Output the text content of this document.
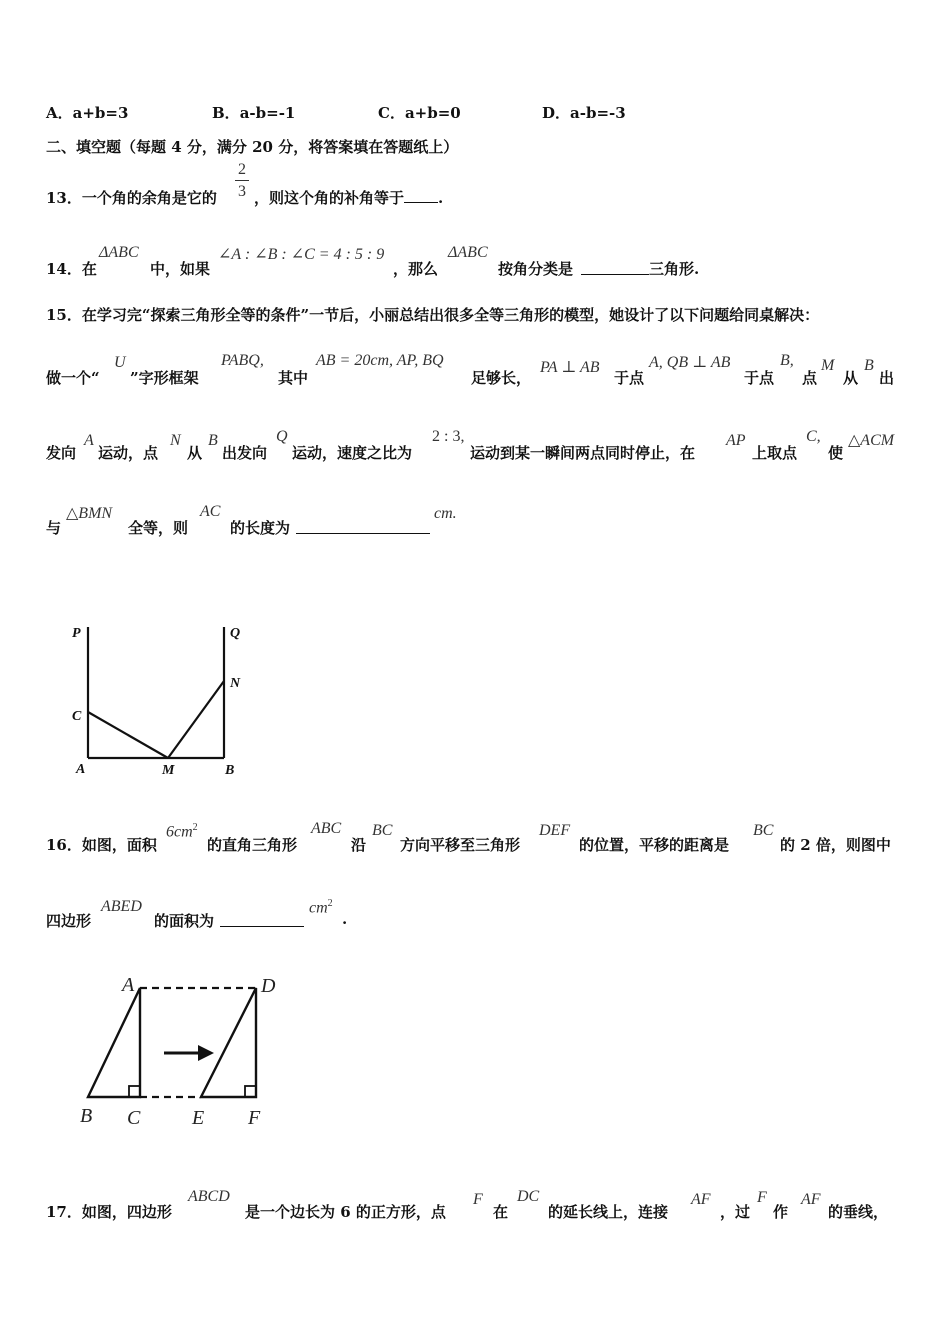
A．a+b=3	B．a-b=-1	C．a+b=0	D．a-b=-3
二、填空题（每题 4 分，满分 20 分，将答案填在答题纸上）
13．一个角的余角是它的
2
3 ，则这个角的补角等于 .
14．在
ΔABC
中，如果
∠A : ∠B : ∠C = 4 : 5 : 9
，那么
ΔABC
按角分类是	三角形.
15．在学习完“探索三角形全等的条件”一节后，小丽总结出很多全等三角形的模型，她设计了以下问题给同桌解决：
做一个“
U
”字形框架
PABQ,
其中
AB = 20cm, AP, BQ
足够长，
PA ⊥ AB
于点
A, QB ⊥ AB
于点
B,
点
M
从
B
出
发向
A
运动，点
N
从
B
出发向
Q
运动，速度之比为
2 : 3,
运动到某一瞬间两点同时停止，在
AP
上取点
C,
使
△ACM
与
△BMN
全等，则
AC
的长度为
cm.
P	Q
N
C
A	M	B
16．如图，面积
$6cm^2$
的直角三角形
ABC
沿
BC
方向平移至三角形
DEF
的位置，平移的距离是
BC
的 2 倍，则图中
四边形
ABED
的面积为
$cm^2$
.
A	D
B C	E F
17．如图，四边形
ABCD
是一个边长为 6 的正方形，点
F
在
DC
的延长线上，连接
AF
，过
F
作
AF
的垂线，
